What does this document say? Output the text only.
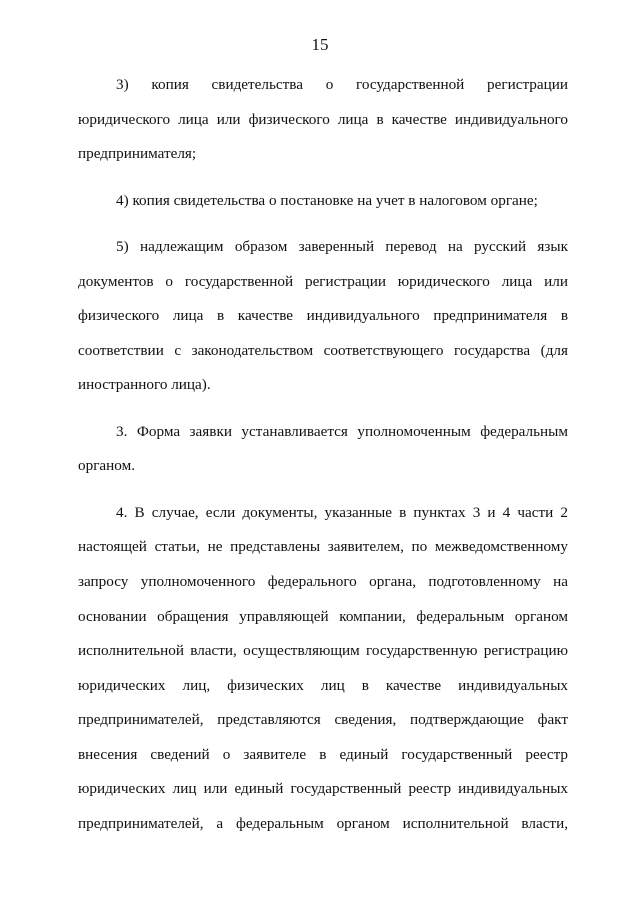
15

3) копия свидетельства о государственной регистрации
юридического лица или физического лица в качестве индивидуального
предпринимателя;

4) копия свидетельства о постановке на учет в налоговом органе;

5) надлежащим образом заверенный перевод на русский язык
документов о государственной регистрации юридического лица или
физического лица в качестве индивидуального предпринимателя в
соответствии с законодательством соответствующего государства (для
иностранного лица).

3. Форма заявки устанавливается уполномоченным федеральным
органом.

4. В случае, если документы, указанные в пунктах 3 и 4 части 2
настоящей статьи, не представлены заявителем, по межведомственному
запросу уполномоченного федерального органа, подготовленному на
основании обращения управляющей компании, федеральным органом
исполнительной власти, осуществляющим государственную регистрацию
юридических лиц, физических лиц в качестве индивидуальных
предпринимателей, представляются сведения, подтверждающие факт
внесения сведений о заявителе в единый государственный реестр
юридических лиц или единый государственный реестр индивидуальных
предпринимателей, а федеральным органом исполнительной власти,
